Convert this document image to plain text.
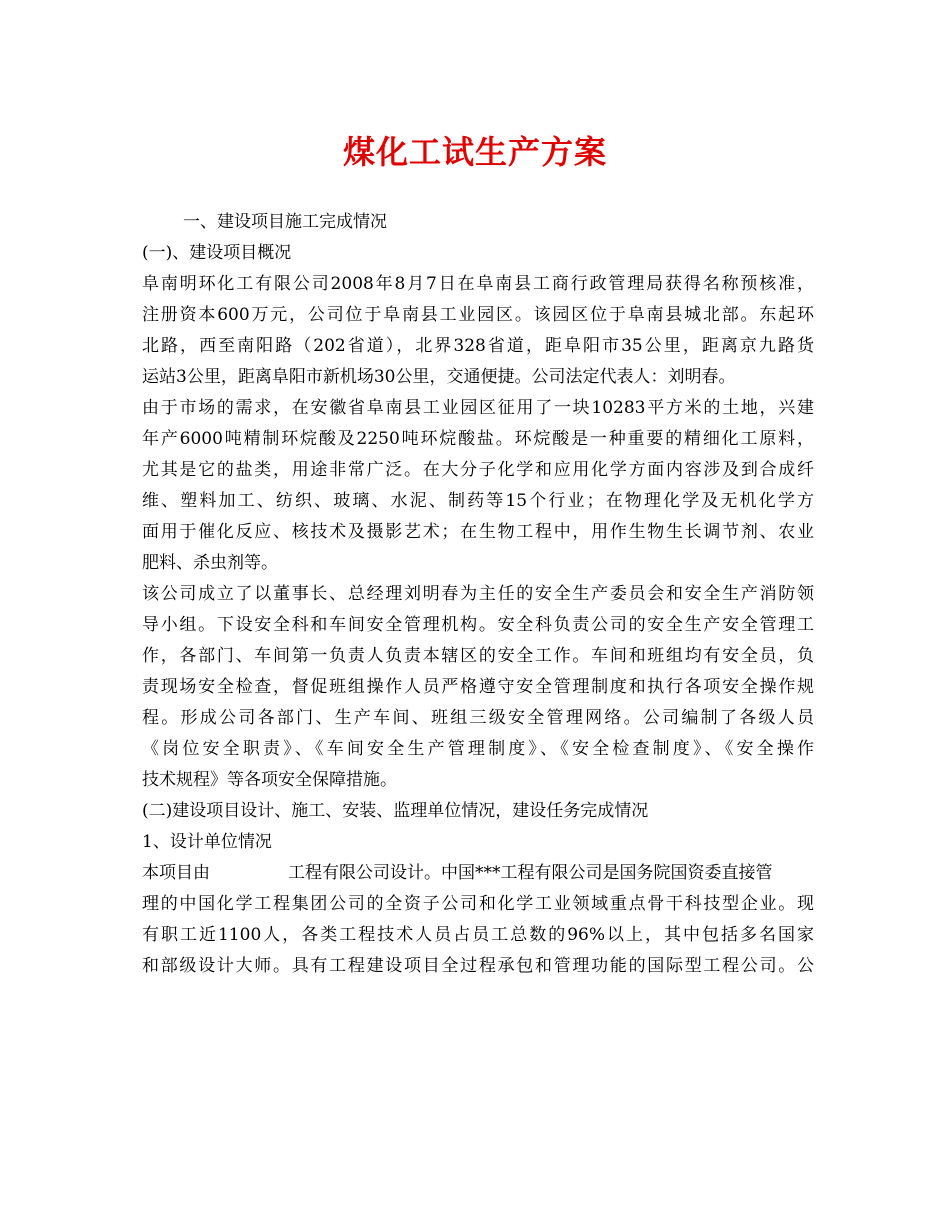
煤化工试生产方案
一、建设项目施工完成情况
(一)、建设项目概况
阜南明环化工有限公司2008年8月7日在阜南县工商行政管理局获得名称预核准，
注册资本600万元，公司位于阜南县工业园区。该园区位于阜南县城北部。东起环
北路，西至南阳路（202省道），北界328省道，距阜阳市35公里，距离京九路货
运站3公里，距离阜阳市新机场30公里，交通便捷。公司法定代表人：刘明春。
由于市场的需求，在安徽省阜南县工业园区征用了一块10283平方米的土地，兴建
年产6000吨精制环烷酸及2250吨环烷酸盐。环烷酸是一种重要的精细化工原料，
尤其是它的盐类，用途非常广泛。在大分子化学和应用化学方面内容涉及到合成纤
维、塑料加工、纺织、玻璃、水泥、制药等15个行业；在物理化学及无机化学方
面用于催化反应、核技术及摄影艺术；在生物工程中，用作生物生长调节剂、农业
肥料、杀虫剂等。
该公司成立了以董事长、总经理刘明春为主任的安全生产委员会和安全生产消防领
导小组。下设安全科和车间安全管理机构。安全科负责公司的安全生产安全管理工
作，各部门、车间第一负责人负责本辖区的安全工作。车间和班组均有安全员，负
责现场安全检查，督促班组操作人员严格遵守安全管理制度和执行各项安全操作规
程。形成公司各部门、生产车间、班组三级安全管理网络。公司编制了各级人员
《岗位安全职责》、《车间安全生产管理制度》、《安全检查制度》、《安全操作
技术规程》等各项安全保障措施。
(二)建设项目设计、施工、安装、监理单位情况，建设任务完成情况
1、设计单位情况
本项目由	工程有限公司设计。中国***工程有限公司是国务院国资委直接管
理的中国化学工程集团公司的全资子公司和化学工业领域重点骨干科技型企业。现
有职工近1100人，各类工程技术人员占员工总数的96%以上，其中包括多名国家
和部级设计大师。具有工程建设项目全过程承包和管理功能的国际型工程公司。公
